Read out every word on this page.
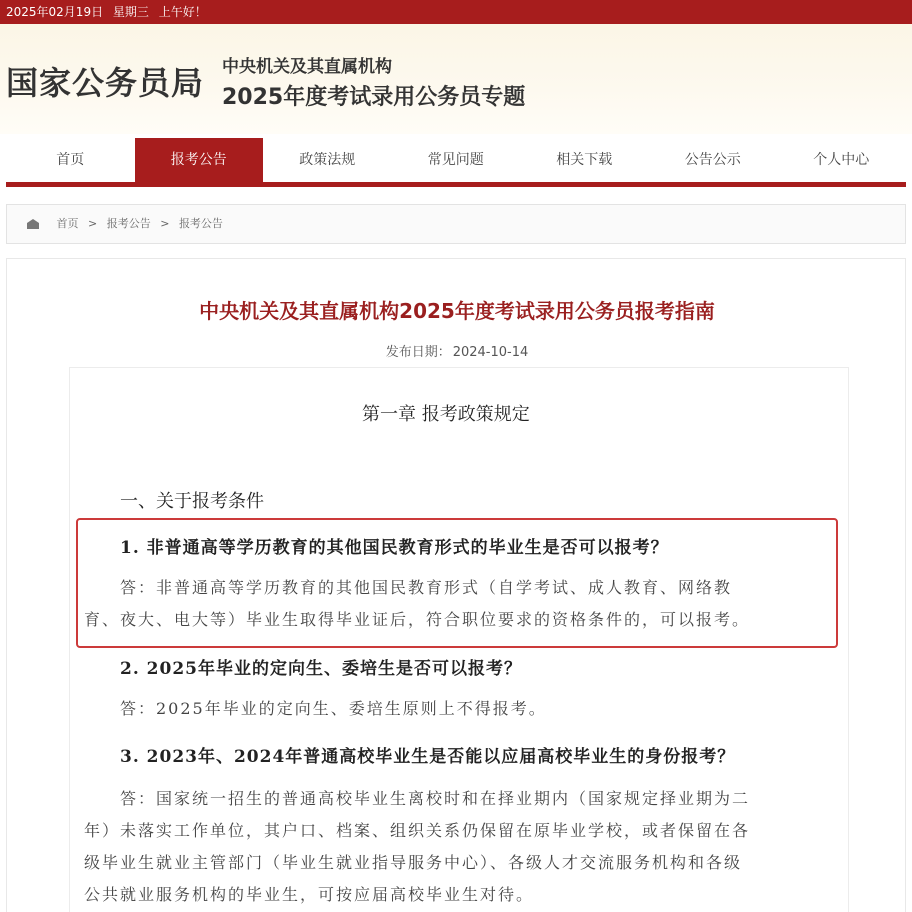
2025年02月19日 星期三 上午好！
国家公务员局 中央机关及其直属机构
2025年度考试录用公务员专题
首页	报考公告	政策法规	常见问题	相关下载	公告公示	个人中心
首页 > 报考公告 > 报考公告
中央机关及其直属机构2025年度考试录用公务员报考指南
发布日期： 2024-10-14
第一章 报考政策规定
一、关于报考条件
1. 非普通高等学历教育的其他国民教育形式的毕业生是否可以报考？
答：非普通高等学历教育的其他国民教育形式（自学考试、成人教育、网络教
育、夜大、电大等）毕业生取得毕业证后，符合职位要求的资格条件的，可以报考。
2. 2025年毕业的定向生、委培生是否可以报考？
答：2025年毕业的定向生、委培生原则上不得报考。
3. 2023年、2024年普通高校毕业生是否能以应届高校毕业生的身份报考？
答：国家统一招生的普通高校毕业生离校时和在择业期内（国家规定择业期为二
年）未落实工作单位，其户口、档案、组织关系仍保留在原毕业学校，或者保留在各
级毕业生就业主管部门（毕业生就业指导服务中心）、各级人才交流服务机构和各级
公共就业服务机构的毕业生，可按应届高校毕业生对待。
